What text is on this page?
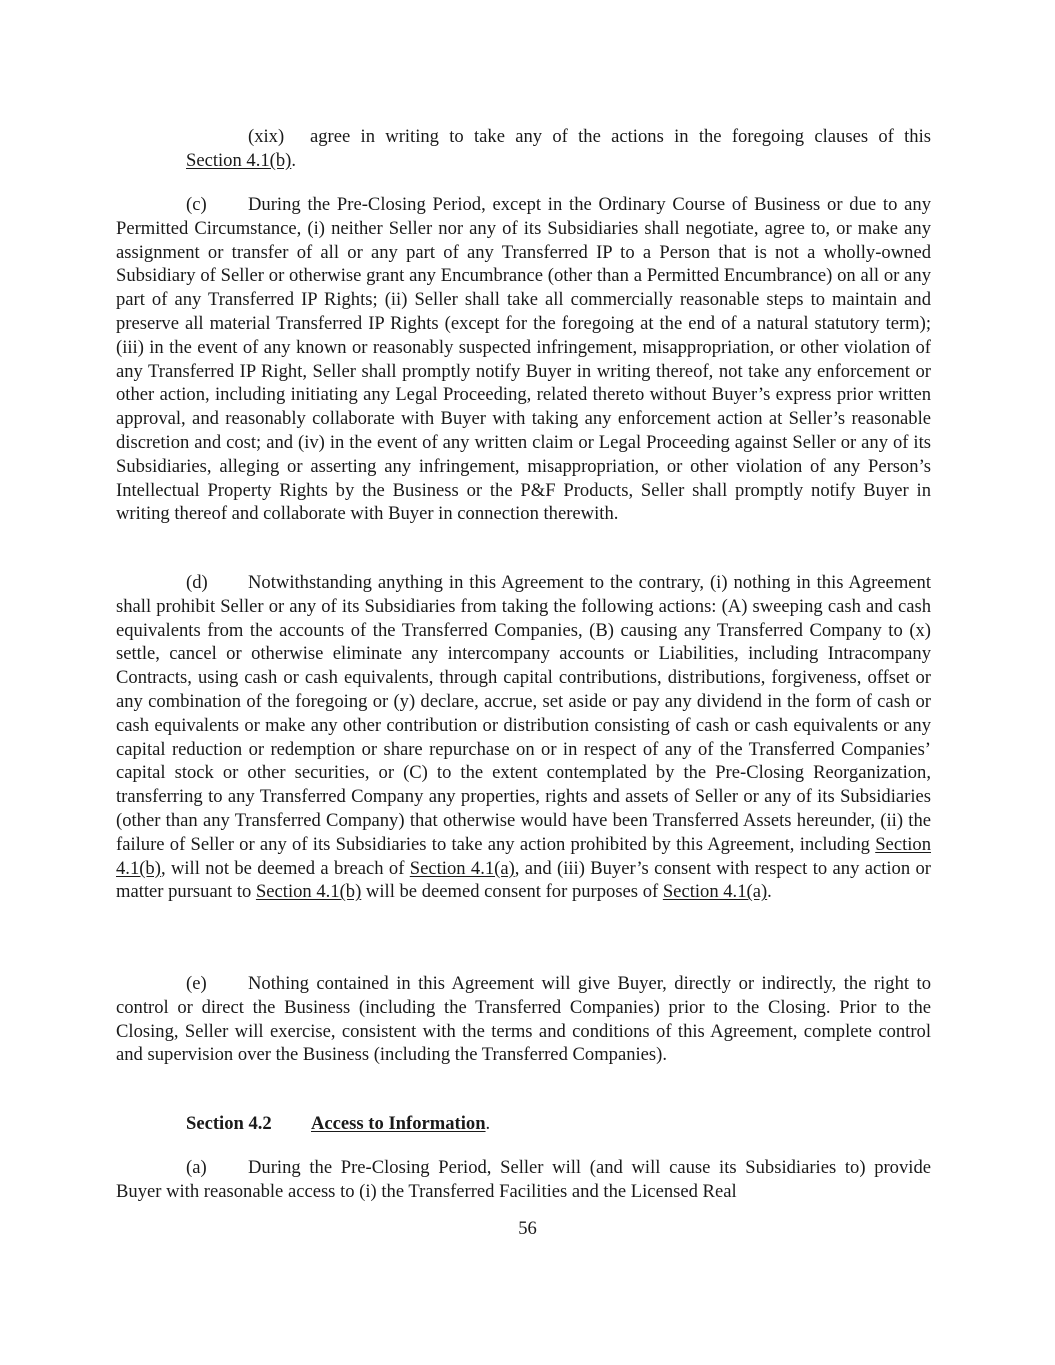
(xix) agree in writing to take any of the actions in the foregoing clauses of this

Section 4.1(b).

(c) During the Pre-Closing Period, except in the Ordinary Course of Business or due to any Permitted Circumstance, (i) neither Seller nor any of its Subsidiaries shall negotiate, agree to, or make any assignment or transfer of all or any part of any Transferred IP to a Person that is not a wholly-owned Subsidiary of Seller or otherwise grant any Encumbrance (other than a Permitted Encumbrance) on all or any part of any Transferred IP Rights; (ii) Seller shall take all commercially reasonable steps to maintain and preserve all material Transferred IP Rights (except for the foregoing at the end of a natural statutory term); (iii) in the event of any known or reasonably suspected infringement, misappropriation, or other violation of any Transferred IP Right, Seller shall promptly notify Buyer in writing thereof, not take any enforcement or other action, including initiating any Legal Proceeding, related thereto without Buyer’s express prior written approval, and reasonably collaborate with Buyer with taking any enforcement action at Seller’s reasonable discretion and cost; and (iv) in the event of any written claim or Legal Proceeding against Seller or any of its Subsidiaries, alleging or asserting any infringement, misappropriation, or other violation of any Person’s Intellectual Property Rights by the Business or the P&F Products, Seller shall promptly notify Buyer in writing thereof and collaborate with Buyer in connection therewith.

(d) Notwithstanding anything in this Agreement to the contrary, (i) nothing in this Agreement shall prohibit Seller or any of its Subsidiaries from taking the following actions: (A) sweeping cash and cash equivalents from the accounts of the Transferred Companies, (B) causing any Transferred Company to (x) settle, cancel or otherwise eliminate any intercompany accounts or Liabilities, including Intracompany Contracts, using cash or cash equivalents, through capital contributions, distributions, forgiveness, offset or any combination of the foregoing or (y) declare, accrue, set aside or pay any dividend in the form of cash or cash equivalents or make any other contribution or distribution consisting of cash or cash equivalents or any capital reduction or redemption or share repurchase on or in respect of any of the Transferred Companies’ capital stock or other securities, or (C) to the extent contemplated by the Pre-Closing Reorganization, transferring to any Transferred Company any properties, rights and assets of Seller or any of its Subsidiaries (other than any Transferred Company) that otherwise would have been Transferred Assets hereunder, (ii) the failure of Seller or any of its Subsidiaries to take any action prohibited by this Agreement, including Section 4.1(b), will not be deemed a breach of Section 4.1(a), and (iii) Buyer’s consent with respect to any action or matter pursuant to Section 4.1(b) will be deemed consent for purposes of Section 4.1(a).

(e) Nothing contained in this Agreement will give Buyer, directly or indirectly, the right to control or direct the Business (including the Transferred Companies) prior to the Closing. Prior to the Closing, Seller will exercise, consistent with the terms and conditions of this Agreement, complete control and supervision over the Business (including the Transferred Companies).

Section 4.2 Access to Information.

(a) During the Pre-Closing Period, Seller will (and will cause its Subsidiaries to) provide Buyer with reasonable access to (i) the Transferred Facilities and the Licensed Real

56
